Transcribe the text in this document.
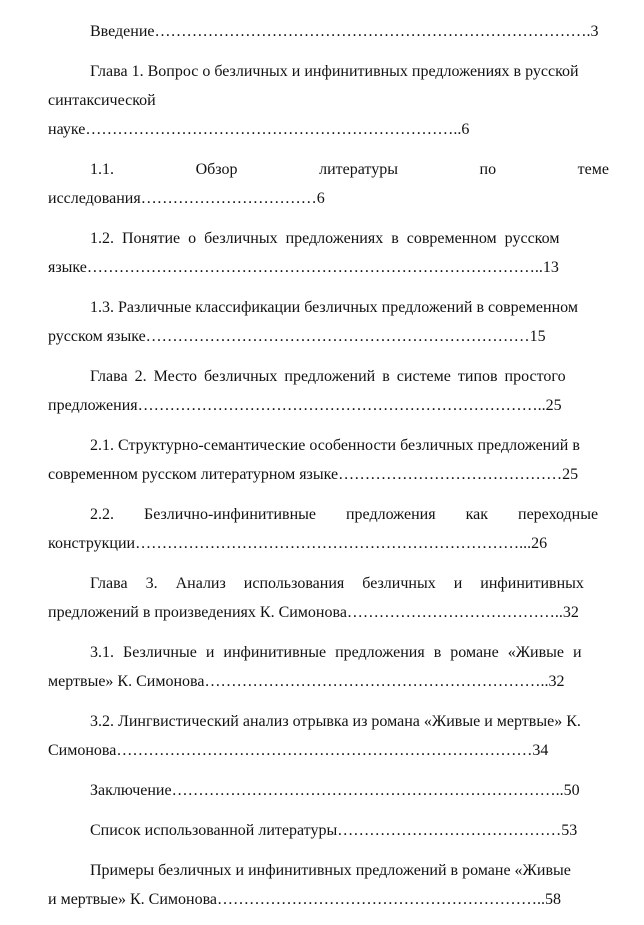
Введение……………………………………………………………………….3
Глава 1. Вопрос о безличных и инфинитивных предложениях в русской
синтаксической
науке……………………………………………………………..6
1.1.	Обзор	литературы	по	теме
исследования……………………………6
1.2. Понятие о безличных предложениях в современном русском
языке…………………………………………………………………………..13
1.3. Различные классификации безличных предложений в современном
русском языке………………………………………………………………15
Глава 2. Место безличных предложений в системе типов простого
предложения…………………………………………………………………..25
2.1. Структурно-семантические особенности безличных предложений в
современном русском литературном языке……………………………………25
2.2. Безлично-инфинитивные предложения как переходные
конструкции………………………………………………………………...26
Глава 3. Анализ использования безличных и инфинитивных
предложений в произведениях К. Симонова…………………………………..32
3.1. Безличные и инфинитивные предложения в романе «Живые и
мертвые» К. Симонова………………………………………………………..32
3.2. Лингвистический анализ отрывка из романа «Живые и мертвые» К.
Симонова……………………………………………………………………34
Заключение………………………………………………………………..50
Список использованной литературы……………………………………53
Примеры безличных и инфинитивных предложений в романе «Живые
и мертвые» К. Симонова……………………………………………………..58
